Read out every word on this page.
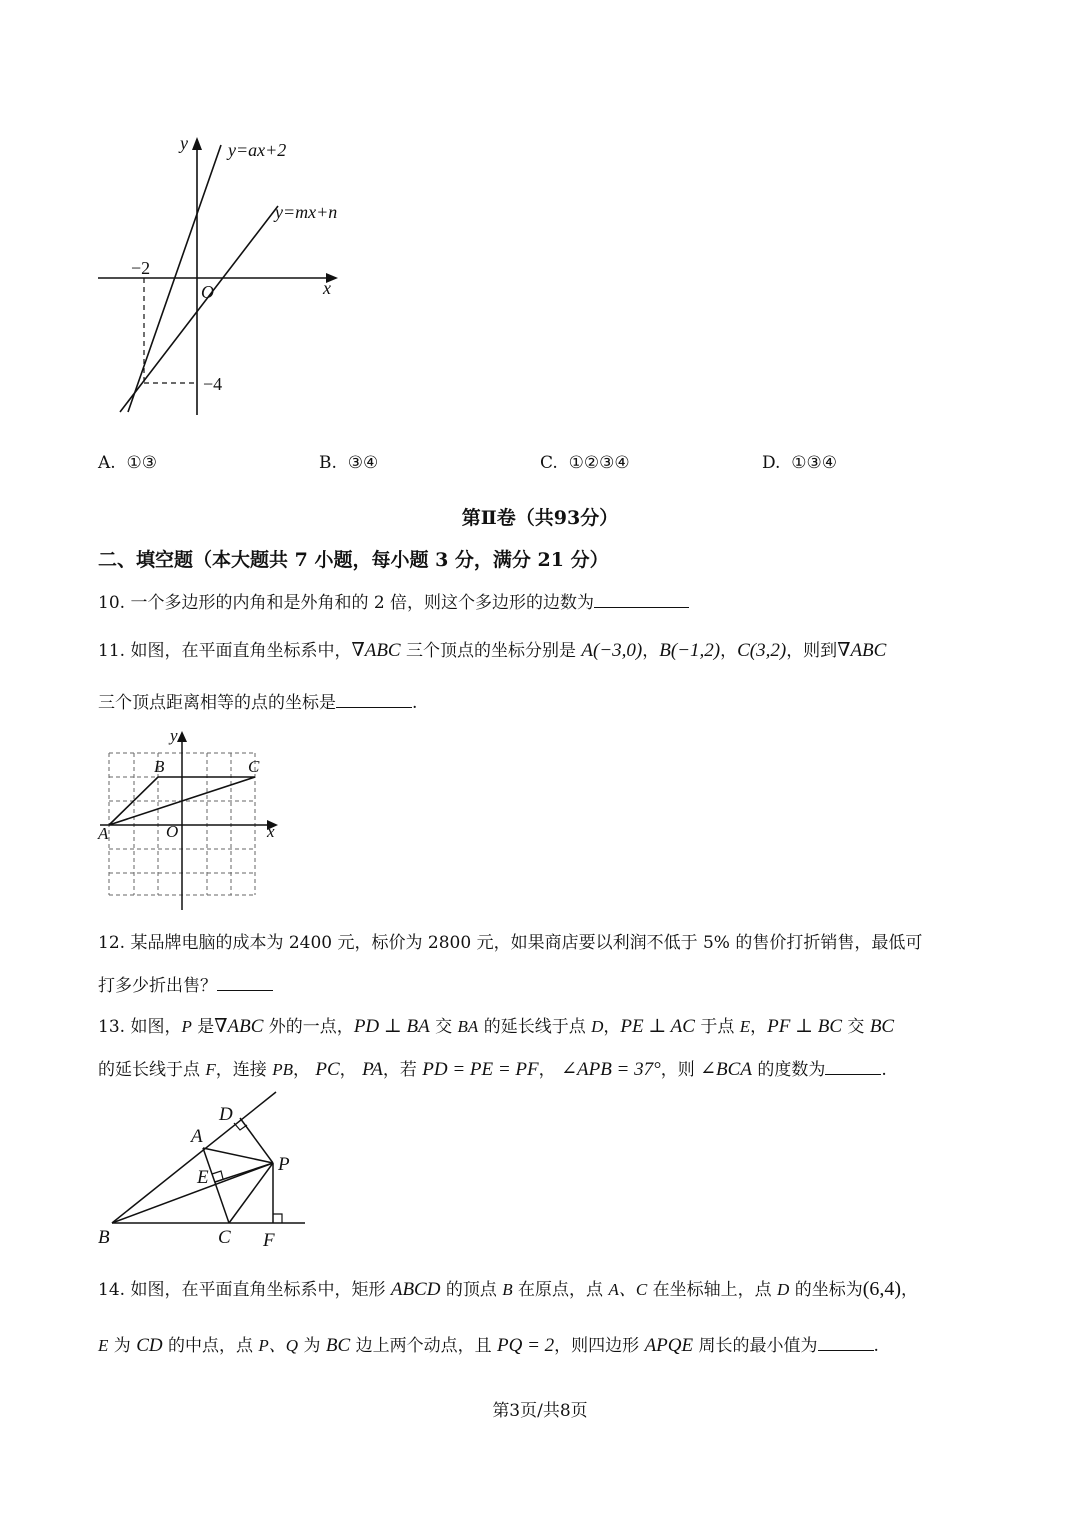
y y=ax+2
y=mx+n
−2
O	x
−4
A. ①③	B. ③④	C. ①②③④	D. ①③④
第Ⅱ卷（共93分）
二、填空题（本大题共 7 小题，每小题 3 分，满分 21 分）
10. 一个多边形的内角和是外角和的 2 倍，则这个多边形的边数为
11. 如图，在平面直角坐标系中，∇ABC 三个顶点的坐标分别是 A(−3,0)，B(−1,2)，C(3,2)，则到∇ABC
三个顶点距离相等的点的坐标是	.
y
B	C
A	O	x
12. 某品牌电脑的成本为 2400 元，标价为 2800 元，如果商店要以利润不低于 5% 的售价打折销售，最低可
打多少折出售？
13. 如图，P 是∇ABC 外的一点，PD ⊥ BA 交 BA 的延长线于点 D，PE ⊥ AC 于点 E，PF ⊥ BC 交 BC
的延长线于点 F，连接 PB， PC， PA，若 PD = PE = PF， ∠APB = 37°，则 ∠BCA 的度数为	.
D
A
E
P
B	C F
14. 如图，在平面直角坐标系中，矩形 ABCD 的顶点 B 在原点，点 A、C 在坐标轴上，点 D 的坐标为(6,4)，
E 为 CD 的中点，点 P、Q 为 BC 边上两个动点，且 PQ = 2，则四边形 APQE 周长的最小值为	.
第3页/共8页
